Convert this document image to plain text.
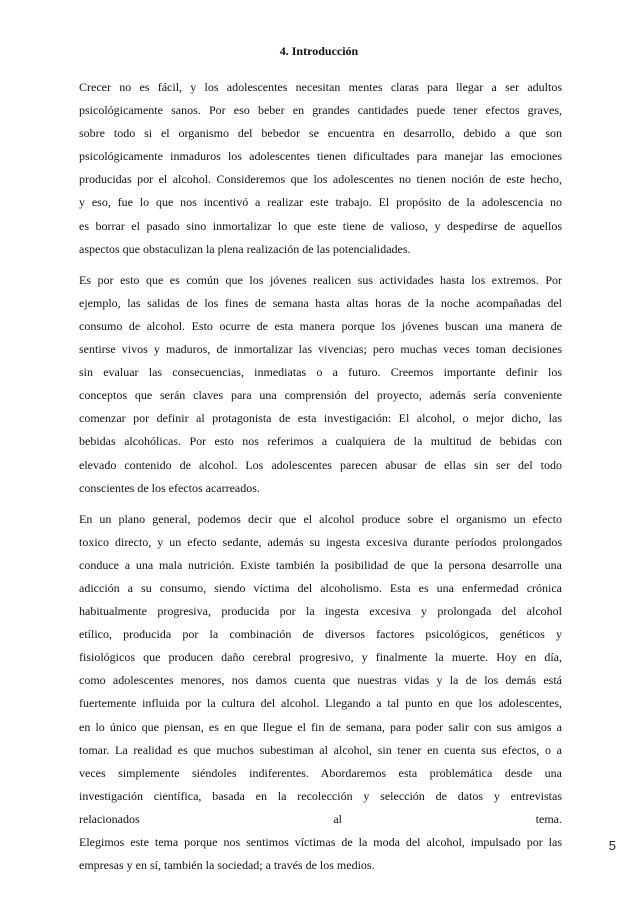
4. Introducción

Crecer no es fácil, y los adolescentes necesitan mentes claras para llegar a ser adultos
psicológicamente sanos. Por eso beber en grandes cantidades puede tener efectos graves,
sobre todo si el organismo del bebedor se encuentra en desarrollo, debido a que son
psicológicamente inmaduros los adolescentes tienen dificultades para manejar las emociones
producidas por el alcohol. Consideremos que los adolescentes no tienen noción de este hecho,
y eso, fue lo que nos incentivó a realizar este trabajo. El propósito de la adolescencia no
es borrar el pasado sino inmortalizar lo que este tiene de valioso, y despedirse de aquellos
aspectos que obstaculizan la plena realización de las potencialidades.

Es por esto que es común que los jóvenes realicen sus actividades hasta los extremos. Por
ejemplo, las salidas de los fines de semana hasta altas horas de la noche acompañadas del
consumo de alcohol. Esto ocurre de esta manera porque los jóvenes buscan una manera de
sentirse vivos y maduros, de inmortalizar las vivencias; pero muchas veces toman decisiones
sin evaluar las consecuencias, inmediatas o a futuro. Creemos importante definir los
conceptos que serán claves para una comprensión del proyecto, además sería conveniente
comenzar por definir al protagonista de esta investigación: El alcohol, o mejor dicho, las
bebidas alcohólicas. Por esto nos referimos a cualquiera de la multitud de bebidas con
elevado contenido de alcohol. Los adolescentes parecen abusar de ellas sin ser del todo
conscientes de los efectos acarreados.

En un plano general, podemos decir que el alcohol produce sobre el organismo un efecto
toxico directo, y un efecto sedante, además su ingesta excesiva durante períodos prolongados
conduce a una mala nutrición. Existe también la posibilidad de que la persona desarrolle una
adicción a su consumo, siendo víctima del alcoholismo. Esta es una enfermedad crónica
habitualmente progresiva, producida por la ingesta excesiva y prolongada del alcohol
etílico, producida por la combinación de diversos factores psicológicos, genéticos y
fisiológicos que producen daño cerebral progresivo, y finalmente la muerte. Hoy en día,
como adolescentes menores, nos damos cuenta que nuestras vidas y la de los demás está
fuertemente influida por la cultura del alcohol. Llegando a tal punto en que los adolescentes,
en lo único que piensan, es en que llegue el fin de semana, para poder salir con sus amigos a
tomar. La realidad es que muchos subestiman al alcohol, sin tener en cuenta sus efectos, o a
veces simplemente siéndoles indiferentes. Abordaremos esta problemática desde una
investigación científica, basada en la recolección y selección de datos y entrevistas
relacionados al tema.
Elegimos este tema porque nos sentimos víctimas de la moda del alcohol, impulsado por las
empresas y en sí, también la sociedad; a través de los medios.

5
